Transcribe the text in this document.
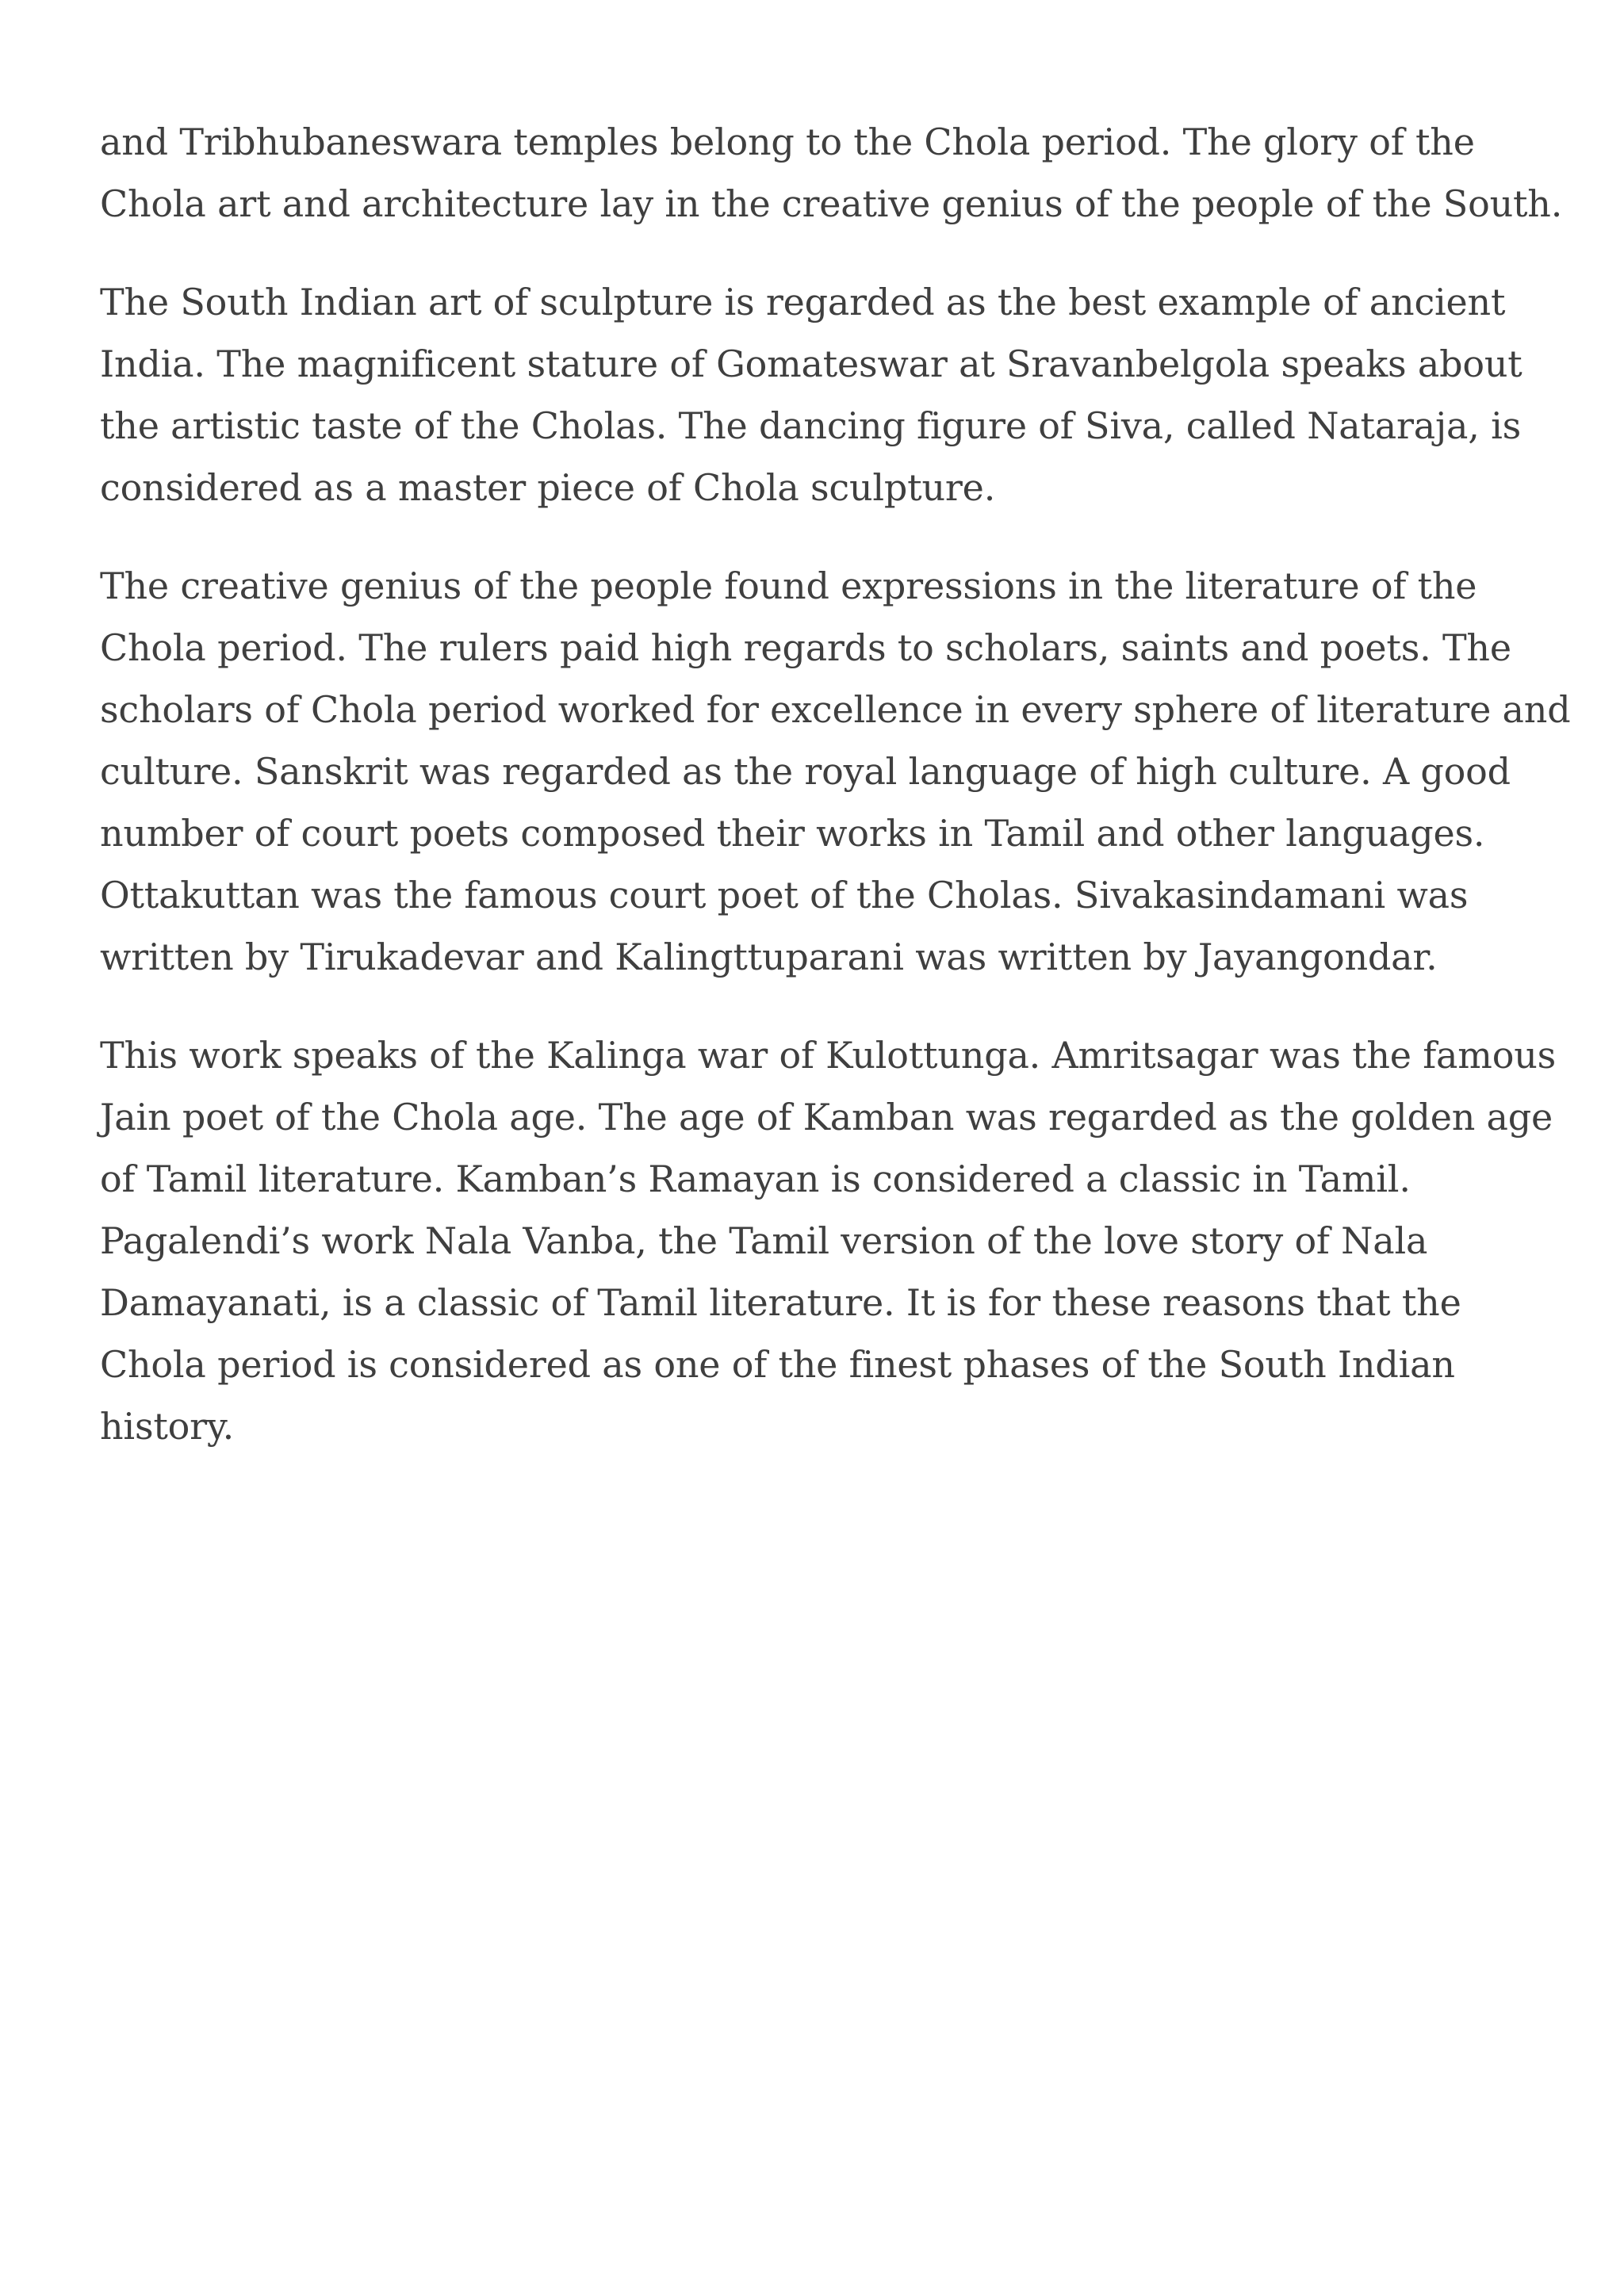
and Tribhubaneswara temples belong to the Chola period. The glory of the
Chola art and architecture lay in the creative genius of the people of the South.

The South Indian art of sculpture is regarded as the best example of ancient
India. The magnificent stature of Gomateswar at Sravanbelgola speaks about
the artistic taste of the Cholas. The dancing figure of Siva, called Nataraja, is
considered as a master piece of Chola sculpture.

The creative genius of the people found expressions in the literature of the
Chola period. The rulers paid high regards to scholars, saints and poets. The
scholars of Chola period worked for excellence in every sphere of literature and
culture. Sanskrit was regarded as the royal language of high culture. A good
number of court poets composed their works in Tamil and other languages.
Ottakuttan was the famous court poet of the Cholas. Sivakasindamani was
written by Tirukadevar and Kalingttuparani was written by Jayangondar.

This work speaks of the Kalinga war of Kulottunga. Amritsagar was the famous
Jain poet of the Chola age. The age of Kamban was regarded as the golden age
of Tamil literature. Kamban’s Ramayan is considered a classic in Tamil.
Pagalendi’s work Nala Vanba, the Tamil version of the love story of Nala
Damayanati, is a classic of Tamil literature. It is for these reasons that the
Chola period is considered as one of the finest phases of the South Indian
history.
